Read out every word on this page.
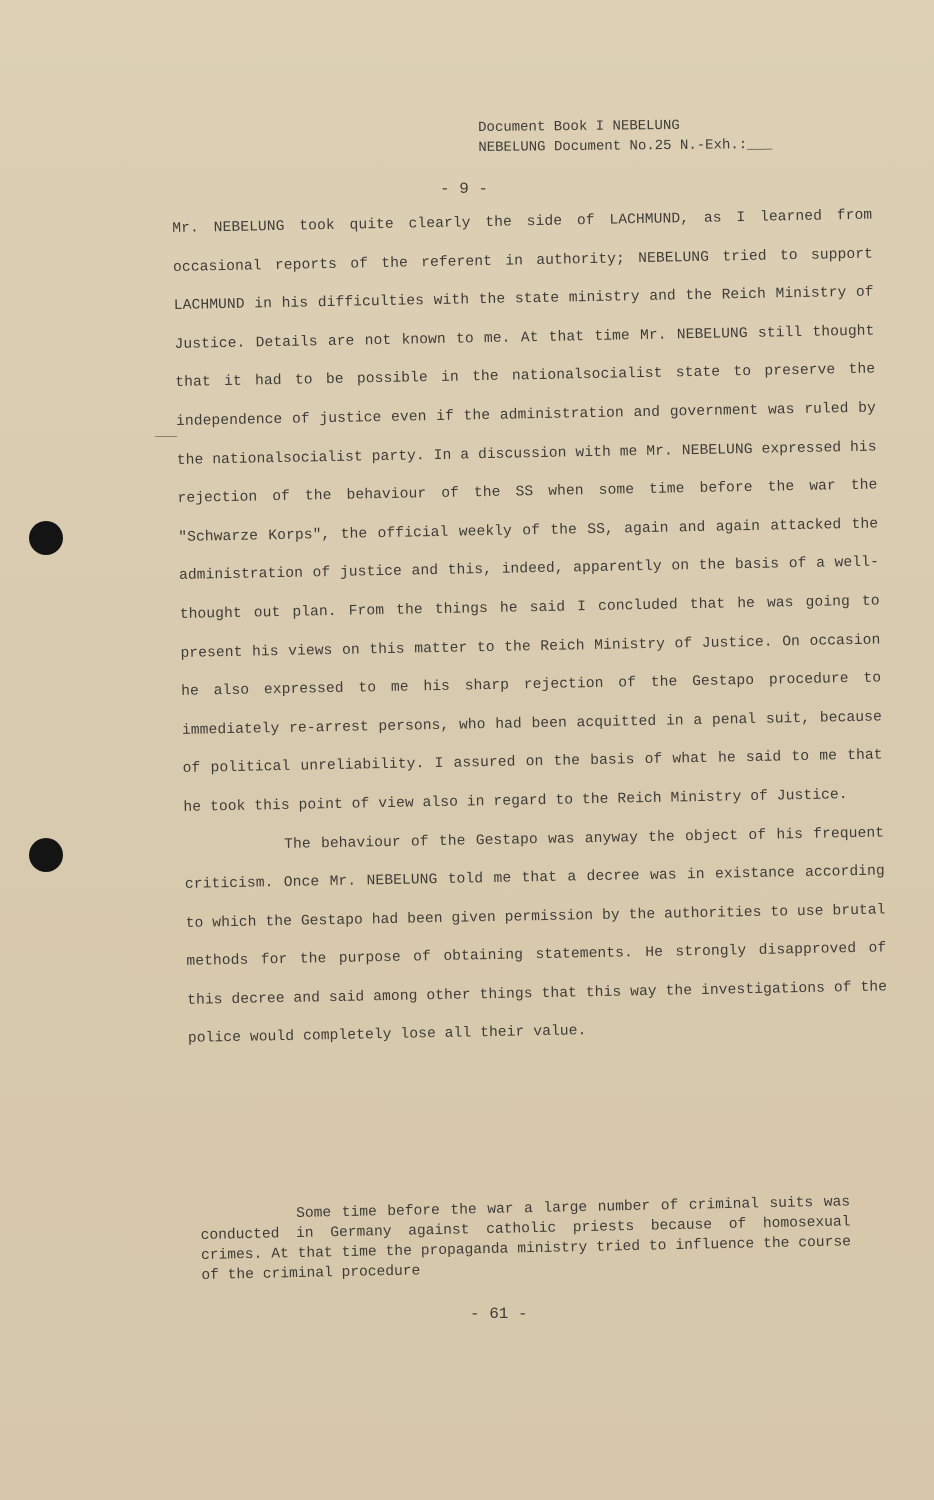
Document Book I NEBELUNG
NEBELUNG Document No.25 N.-Exh.:___
- 9 -

Mr. NEBELUNG took quite clearly the side of LACHMUND, as I learned from occasional reports of the referent in authority; NEBELUNG tried to support LACHMUND in his difficulties with the state ministry and the Reich Ministry of Justice. Details are not known to me. At that time Mr. NEBELUNG still thought that it had to be possible in the nationalsocialist state to preserve the independence of justice even if the administration and government was ruled by the nationalsocialist party. In a discussion with me Mr. NEBELUNG expressed his rejection of the behaviour of the SS when some time before the war the "Schwarze Korps", the official weekly of the SS, again and again attacked the administration of justice and this, indeed, apparently on the basis of a well-thought out plan. From the things he said I concluded that he was going to present his views on this matter to the Reich Ministry of Justice. On occasion he also expressed to me his sharp rejection of the Gestapo procedure to immediately re-arrest persons, who had been acquitted in a penal suit, because of political unreliability. I assured on the basis of what he said to me that he took this point of view also in regard to the Reich Ministry of Justice.

The behaviour of the Gestapo was anyway the object of his frequent criticism. Once Mr. NEBELUNG told me that a decree was in existance according to which the Gestapo had been given permission by the authorities to use brutal methods for the purpose of obtaining statements. He strongly disapproved of this decree and said among other things that this way the investigations of the police would completely lose all their value.

Some time before the war a large number of criminal suits was conducted in Germany against catholic priests because of homosexual crimes. At that time the propaganda ministry tried to influence the course of the criminal procedure
- 61 -
